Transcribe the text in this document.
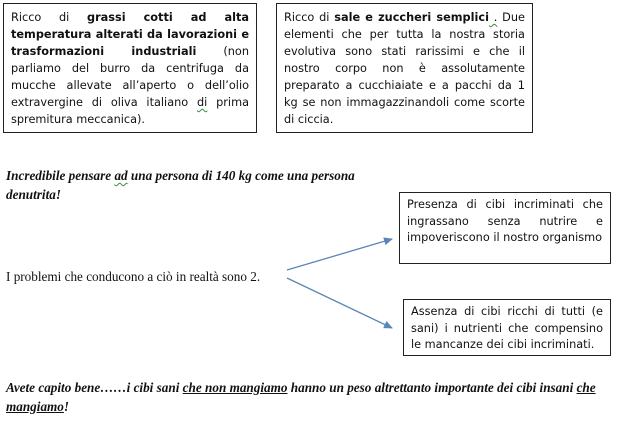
Ricco di grassi cotti ad alta temperatura alterati da lavorazioni e trasformazioni industriali (non parliamo del burro da centrifuga da mucche allevate all’aperto o dell’olio extravergine di oliva italiano di prima spremitura meccanica).
Ricco di sale e zuccheri semplici . Due elementi che per tutta la nostra storia evolutiva sono stati rarissimi e che il nostro corpo non è assolutamente preparato a cucchiaiate e a pacchi da 1 kg se non immagazzinandoli come scorte di ciccia.
Incredibile pensare ad una persona di 140 kg come una persona denutrita!
I problemi che conducono a ciò in realtà sono 2.
Presenza di cibi incriminati che ingrassano senza nutrire e impoveriscono il nostro organismo
Assenza di cibi ricchi di tutti (e sani) i nutrienti che compensino le mancanze dei cibi incriminati.
Avete capito bene……i cibi sani che non mangiamo hanno un peso altrettanto importante dei cibi insani che mangiamo!
